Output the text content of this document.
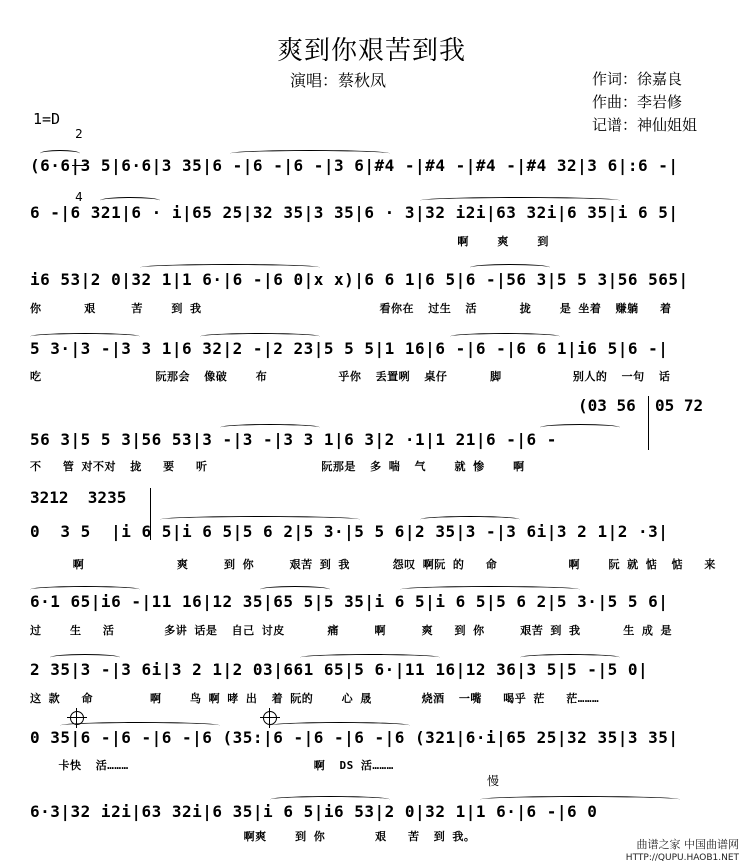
爽到你艰苦到我
演唱：蔡秋凤	作词：徐嘉良
作曲：李岩修
记谱：神仙姐姐
1=D

2

4

(6·6|3 5|6·6|3 35|6 -|6 -|6 -|3 6|#4 -|#4 -|#4 -|#4 32|3 6|:6 -|
6 -|6 321|6 · i|65 25|32 35|3 35|6 · 3|32 i2i|63 32i|6 35|i 6 5|
啊    爽    到
i6 53|2 0|32 1|1 6·|6 -|6 0|x x)|6 6 1|6 5|6 -|56 3|5 5 3|56 565|
你      艰     苦    到 我                         看你在  过生  活      拢    是 坐着  赚躺   着
5 3·|3 -|3 3 1|6 32|2 -|2 23|5 5 5|1 16|6 -|6 -|6 6 1|i6 5|6 -|
吃                阮那会  像破    布          乎你  丢置咧  桌仔      脚          别人的  一句  话
(03 56 05 72
56 3|5 5 3|56 53|3 -|3 -|3 3 1|6 3|2 ·1|1 21|6 -|6 -
不   管 对不对  拢   要   听                阮那是  多 喘  气    就 惨    啊
3212  3235
0  3 5  |i 6 5|i 6 5|5 6 2|5 3·|5 5 6|2 35|3 -|3 6i|3 2 1|2 ·3|
啊             爽     到 你     艰苦 到 我      怨叹 啊阮 的   命          啊    阮 就 惦  惦   来
6·1 65|i6 -|11 16|12 35|65 5|5 35|i 6 5|i 6 5|5 6 2|5 3·|5 5 6|
过    生   活       多讲 话是  自己 讨皮      痛     啊     爽   到 你     艰苦 到 我      生 成 是
2 35|3 -|3 6i|3 2 1|2 03|661 65|5 6·|11 16|12 36|3 5|5 -|5 0|
这 款   命        啊    鸟 啊 哮 出  着 阮的    心 晟       烧酒  一嘴   喝乎 茫   茫………
0 35|6 -|6 -|6 -|6 (35:|6 -|6 -|6 -|6 (321|6·i|65 25|32 35|3 35|
卡快  活………                          啊  DS 活………
慢
6·3|32 i2i|63 32i|6 35|i 6 5|i6 53|2 0|32 1|1 6·|6 -|6 0
啊爽    到 你       艰   苦  到 我。
曲谱之家 中国曲谱网
HTTP://QUPU.HAOB1.NET
